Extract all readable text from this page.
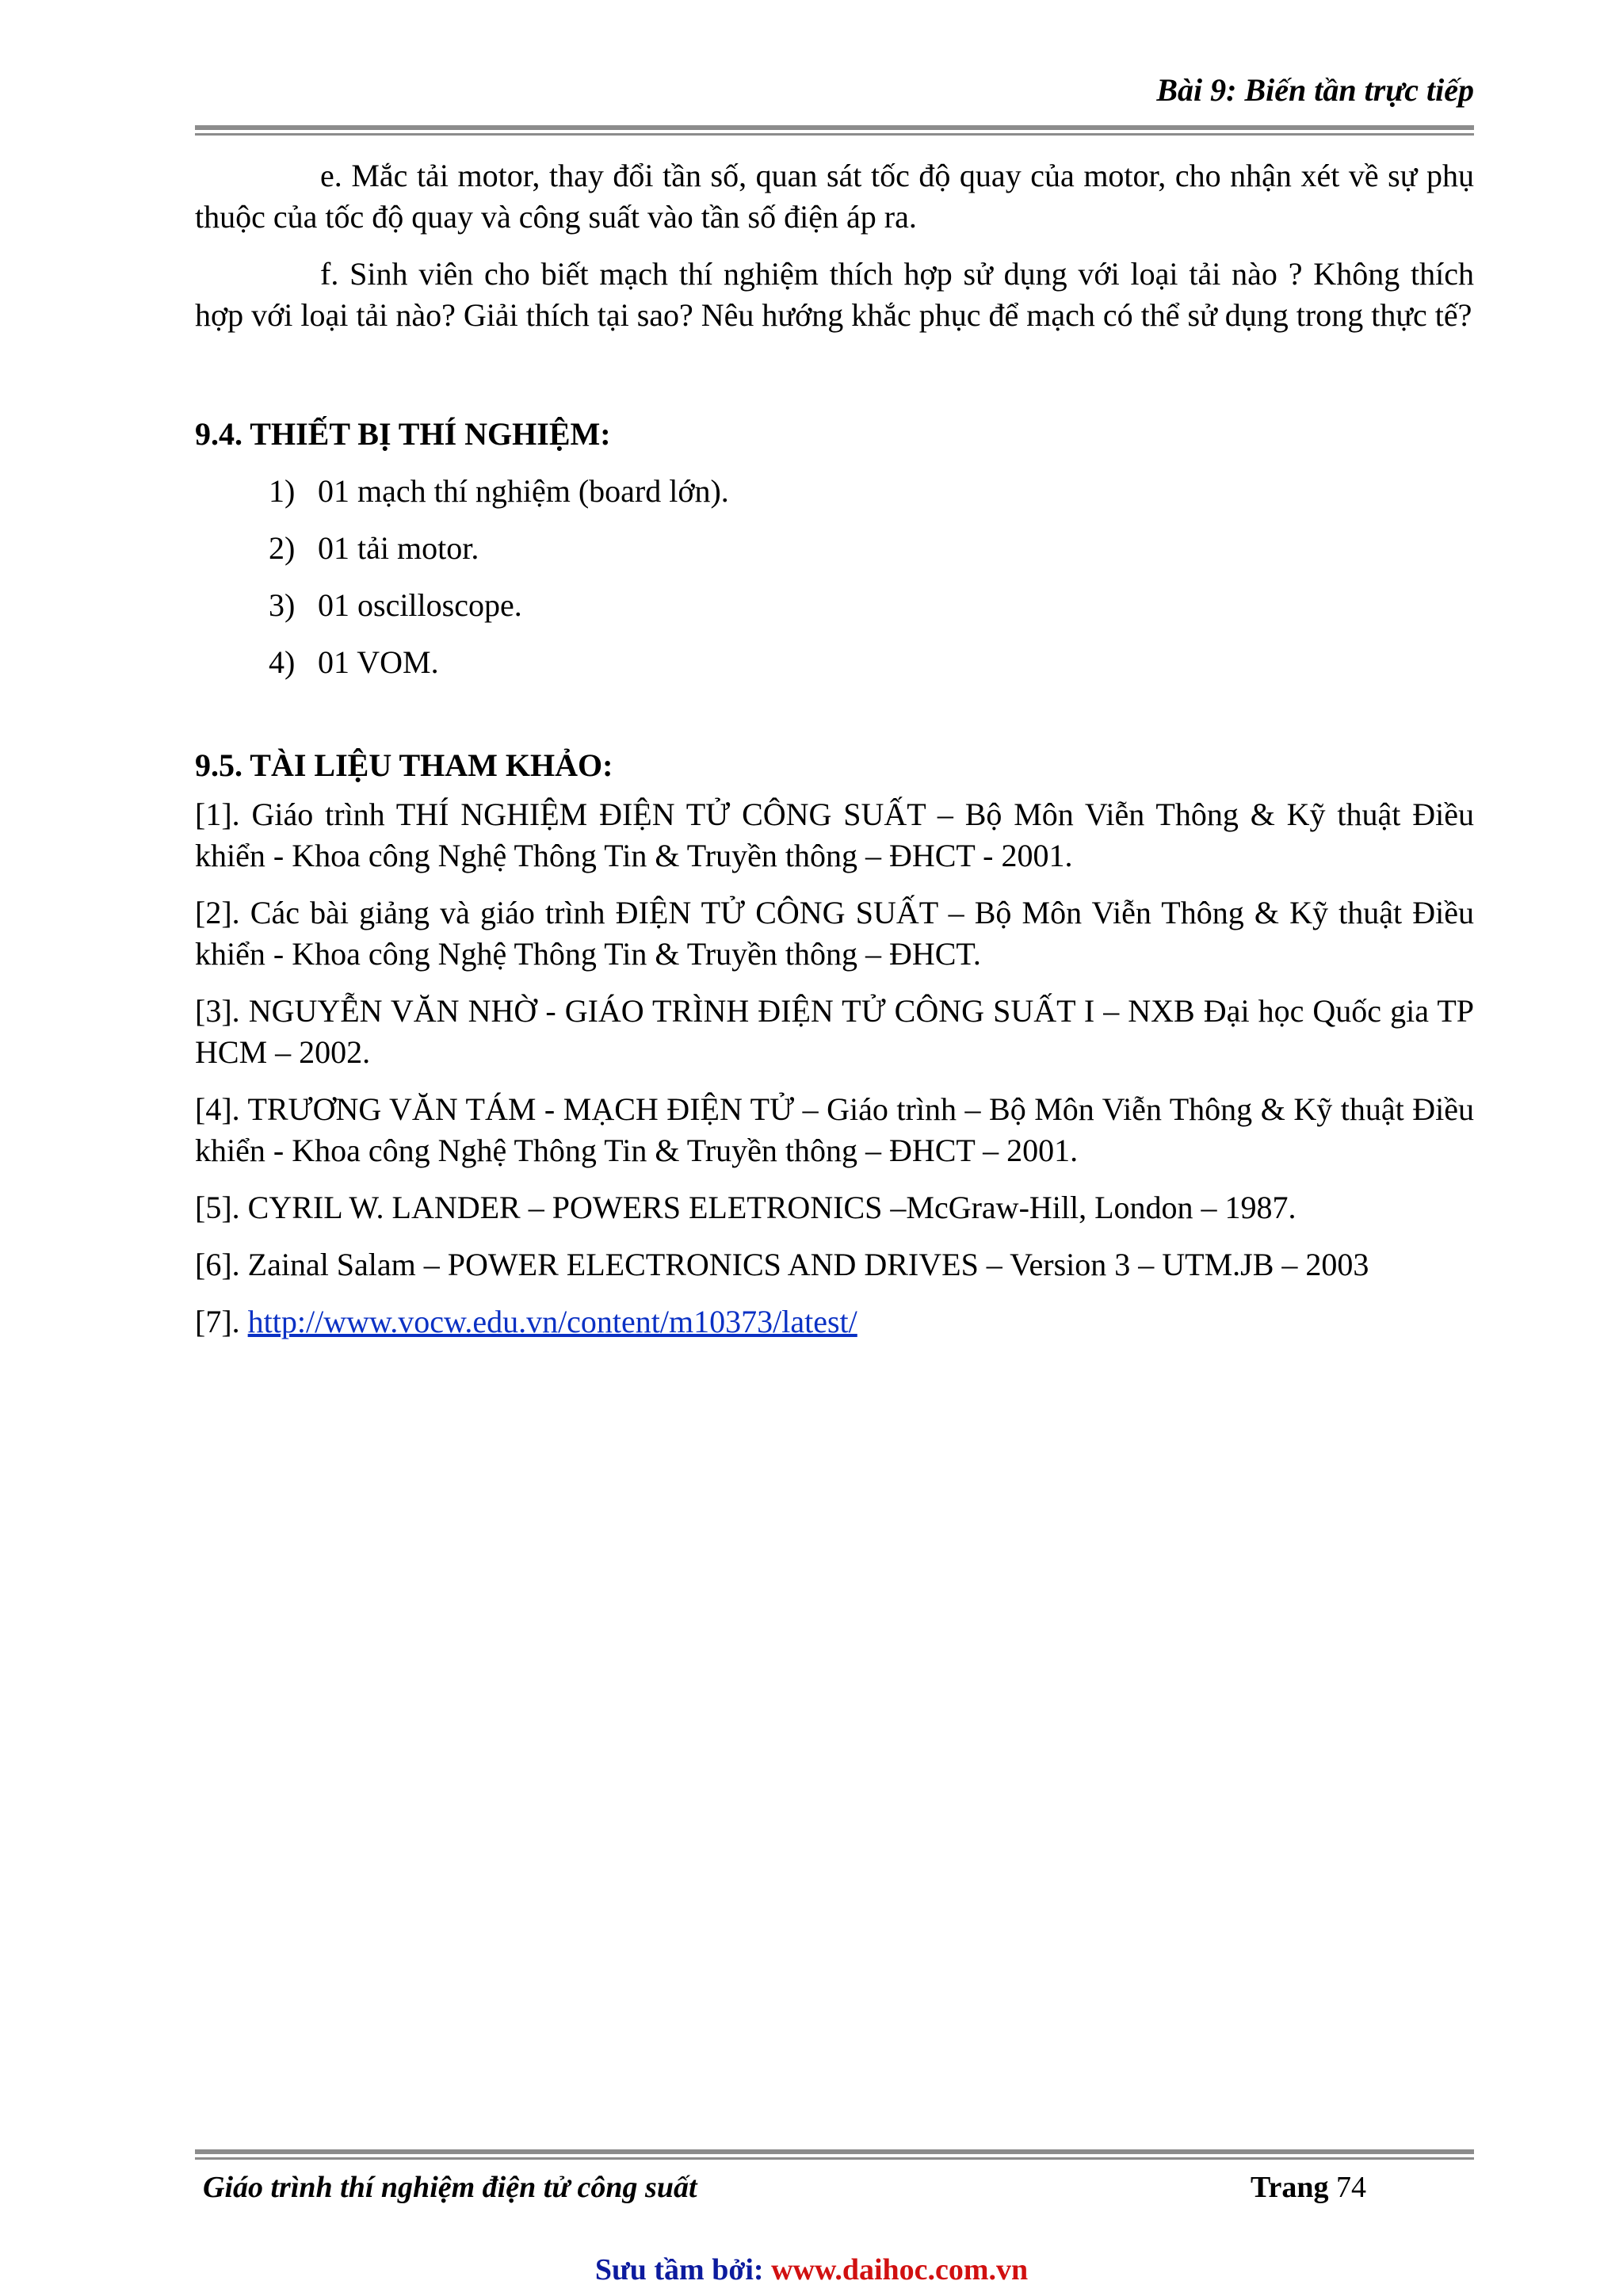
Bài 9: Biến tần trực tiếp

e. Mắc tải motor, thay đổi tần số, quan sát tốc độ quay của motor, cho nhận xét về sự phụ thuộc của tốc độ quay và công suất vào tần số điện áp ra.

f. Sinh viên cho biết mạch thí nghiệm thích hợp sử dụng với loại tải nào ? Không thích hợp với loại tải nào? Giải thích tại sao? Nêu hướng khắc phục để mạch có thể sử dụng trong thực tế?

9.4. THIẾT BỊ THÍ NGHIỆM:

1) 01 mạch thí nghiệm (board lớn).

2) 01 tải motor.

3) 01 oscilloscope.

4) 01 VOM.

9.5. TÀI LIỆU THAM KHẢO:

[1]. Giáo trình THÍ NGHIỆM ĐIỆN TỬ CÔNG SUẤT – Bộ Môn Viễn Thông & Kỹ thuật Điều khiển - Khoa công Nghệ Thông Tin & Truyền thông – ĐHCT - 2001.

[2]. Các bài giảng và giáo trình ĐIỆN TỬ CÔNG SUẤT – Bộ Môn Viễn Thông & Kỹ thuật Điều khiển - Khoa công Nghệ Thông Tin & Truyền thông – ĐHCT.

[3]. NGUYỄN VĂN NHỜ - GIÁO TRÌNH ĐIỆN TỬ CÔNG SUẤT I – NXB Đại học Quốc gia TP HCM – 2002.

[4]. TRƯƠNG VĂN TÁM - MẠCH ĐIỆN TỬ – Giáo trình – Bộ Môn Viễn Thông & Kỹ thuật Điều khiển - Khoa công Nghệ Thông Tin & Truyền thông – ĐHCT – 2001.

[5]. CYRIL W. LANDER – POWERS ELETRONICS –McGraw-Hill, London – 1987.

[6]. Zainal Salam – POWER ELECTRONICS AND DRIVES – Version 3 – UTM.JB – 2003

[7]. http://www.vocw.edu.vn/content/m10373/latest/

Giáo trình thí nghiệm điện tử công suất	Trang 74
Sưu tầm bởi: www.daihoc.com.vn
